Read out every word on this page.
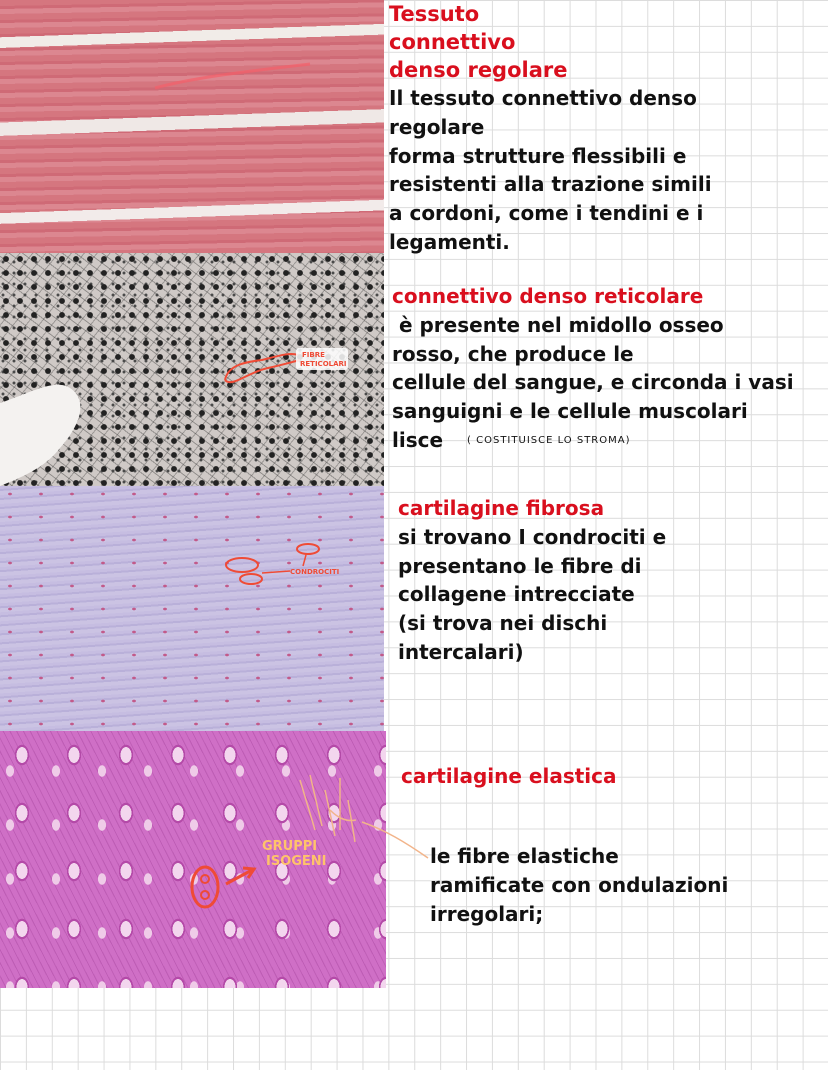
FIBRE
RETICOLARI
CONDROCITI
GRUPPI
ISOGENI
Tessuto
connettivo
denso regolare
Il tessuto connettivo denso
regolare
forma strutture flessibili e
resistenti alla trazione simili
a cordoni, come i tendini e i
legamenti.
connettivo denso reticolare
è presente nel midollo osseo
rosso, che produce le
cellule del sangue, e circonda i vasi
sanguigni e le cellule muscolari
lisce ( COSTITUISCE LO STROMA)
cartilagine fibrosa
si trovano I condrociti e
presentano le fibre di
collagene intrecciate
(si trova nei dischi
intercalari)
cartilagine elastica
le fibre elastiche
ramificate con ondulazioni
irregolari;
